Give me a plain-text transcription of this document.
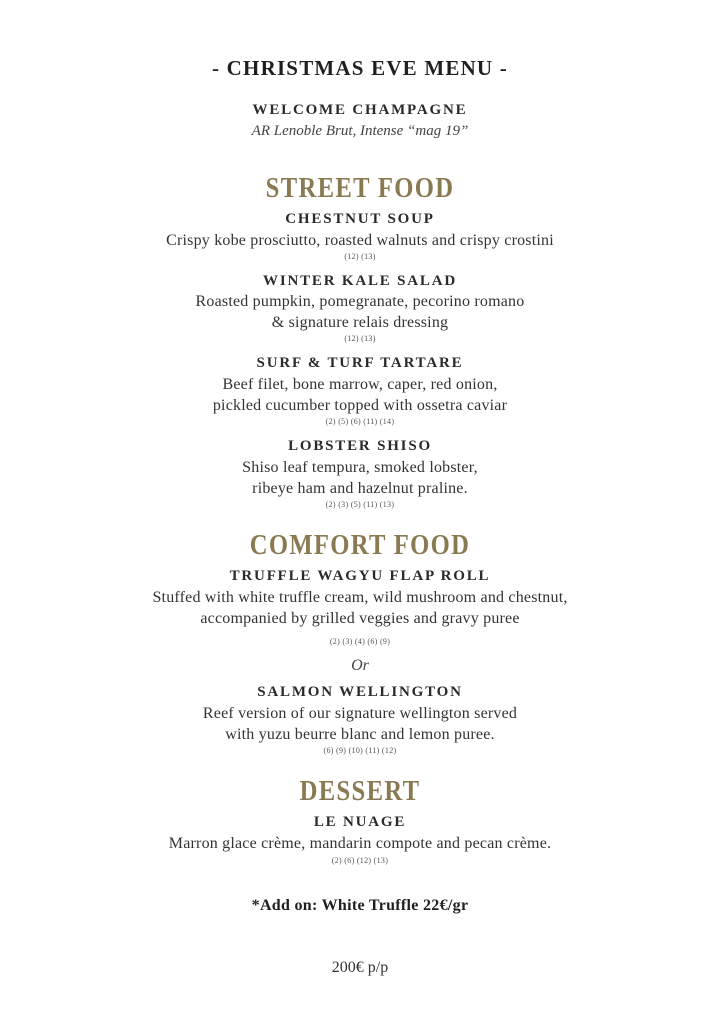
- CHRISTMAS EVE MENU -
WELCOME CHAMPAGNE
AR Lenoble Brut, Intense “mag 19”
STREET FOOD
CHESTNUT SOUP
Crispy kobe prosciutto, roasted walnuts and crispy crostini
(12) (13)
WINTER KALE SALAD
Roasted pumpkin, pomegranate, pecorino romano
& signature relais dressing
(12) (13)
SURF & TURF TARTARE
Beef filet, bone marrow, caper, red onion,
pickled cucumber topped with ossetra caviar
(2) (5) (6) (11) (14)
LOBSTER SHISO
Shiso leaf tempura, smoked lobster,
ribeye ham and hazelnut praline.
(2) (3) (5) (11) (13)
COMFORT FOOD
TRUFFLE WAGYU FLAP ROLL
Stuffed with white truffle cream, wild mushroom and chestnut,
accompanied by grilled veggies and gravy puree
(2) (3) (4) (6) (9)
Or
SALMON WELLINGTON
Reef version of our signature wellington served
with yuzu beurre blanc and lemon puree.
(6) (9) (10) (11) (12)
DESSERT
LE NUAGE
Marron glace crème, mandarin compote and pecan crème.
(2) (6) (12) (13)
*Add on: White Truffle 22€/gr
200€ p/p
